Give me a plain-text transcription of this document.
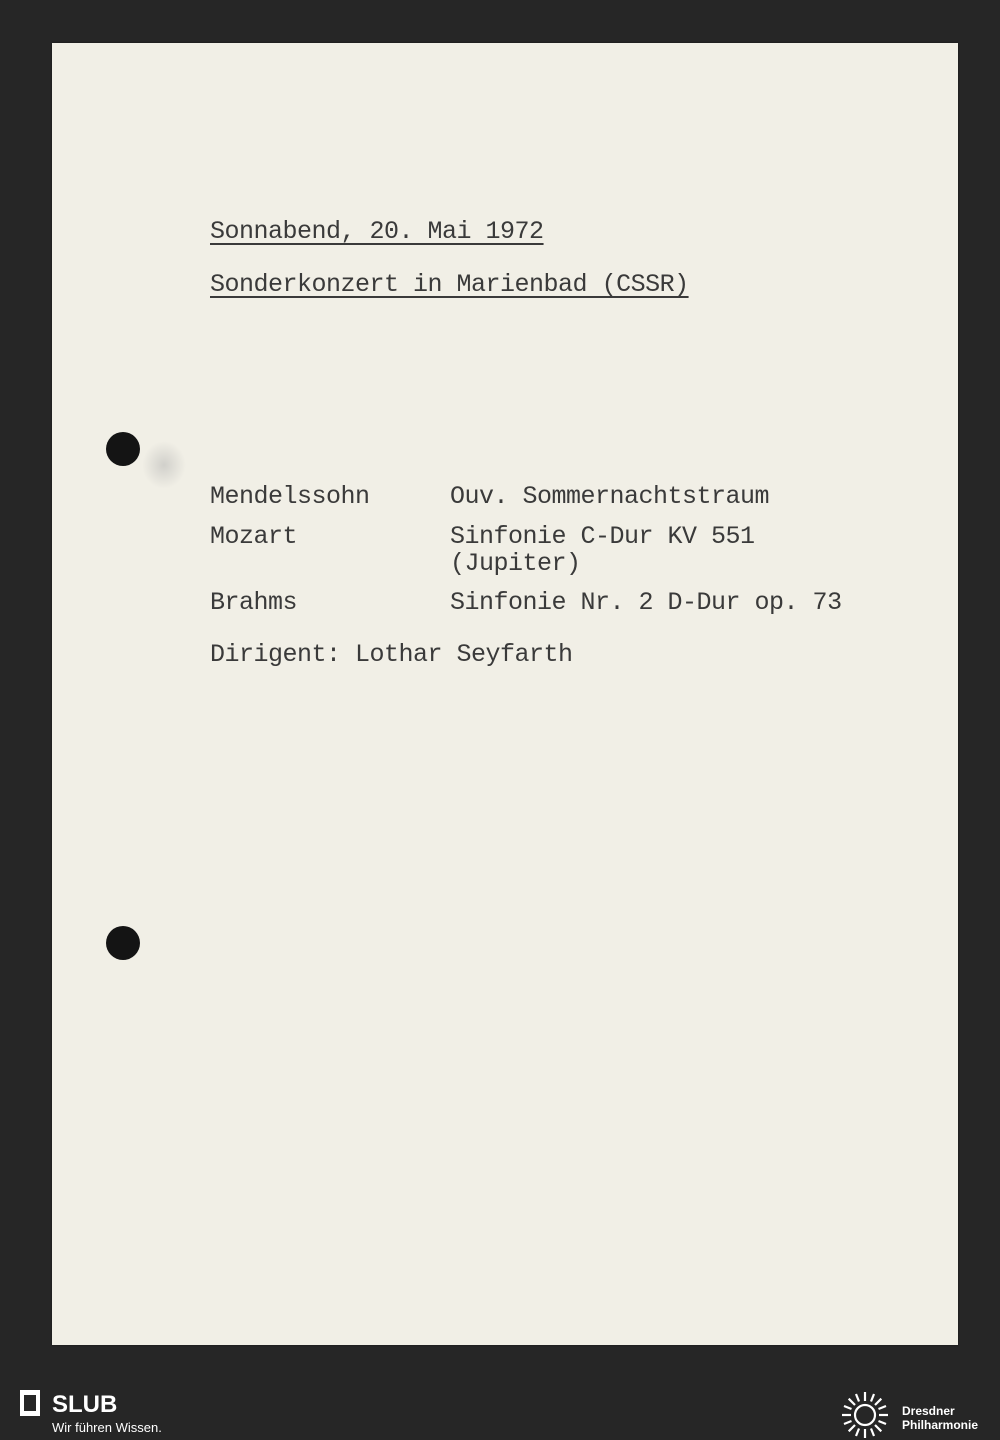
Sonnabend, 20. Mai 1972
Sonderkonzert in Marienbad (CSSR)
Mendelssohn	Ouv. Sommernachtstraum
Mozart	Sinfonie C-Dur KV 551
(Jupiter)
Brahms	Sinfonie Nr. 2 D-Dur op. 73
Dirigent: Lothar Seyfarth
SLUB
Wir führen Wissen.
Dresdner
Philharmonie
